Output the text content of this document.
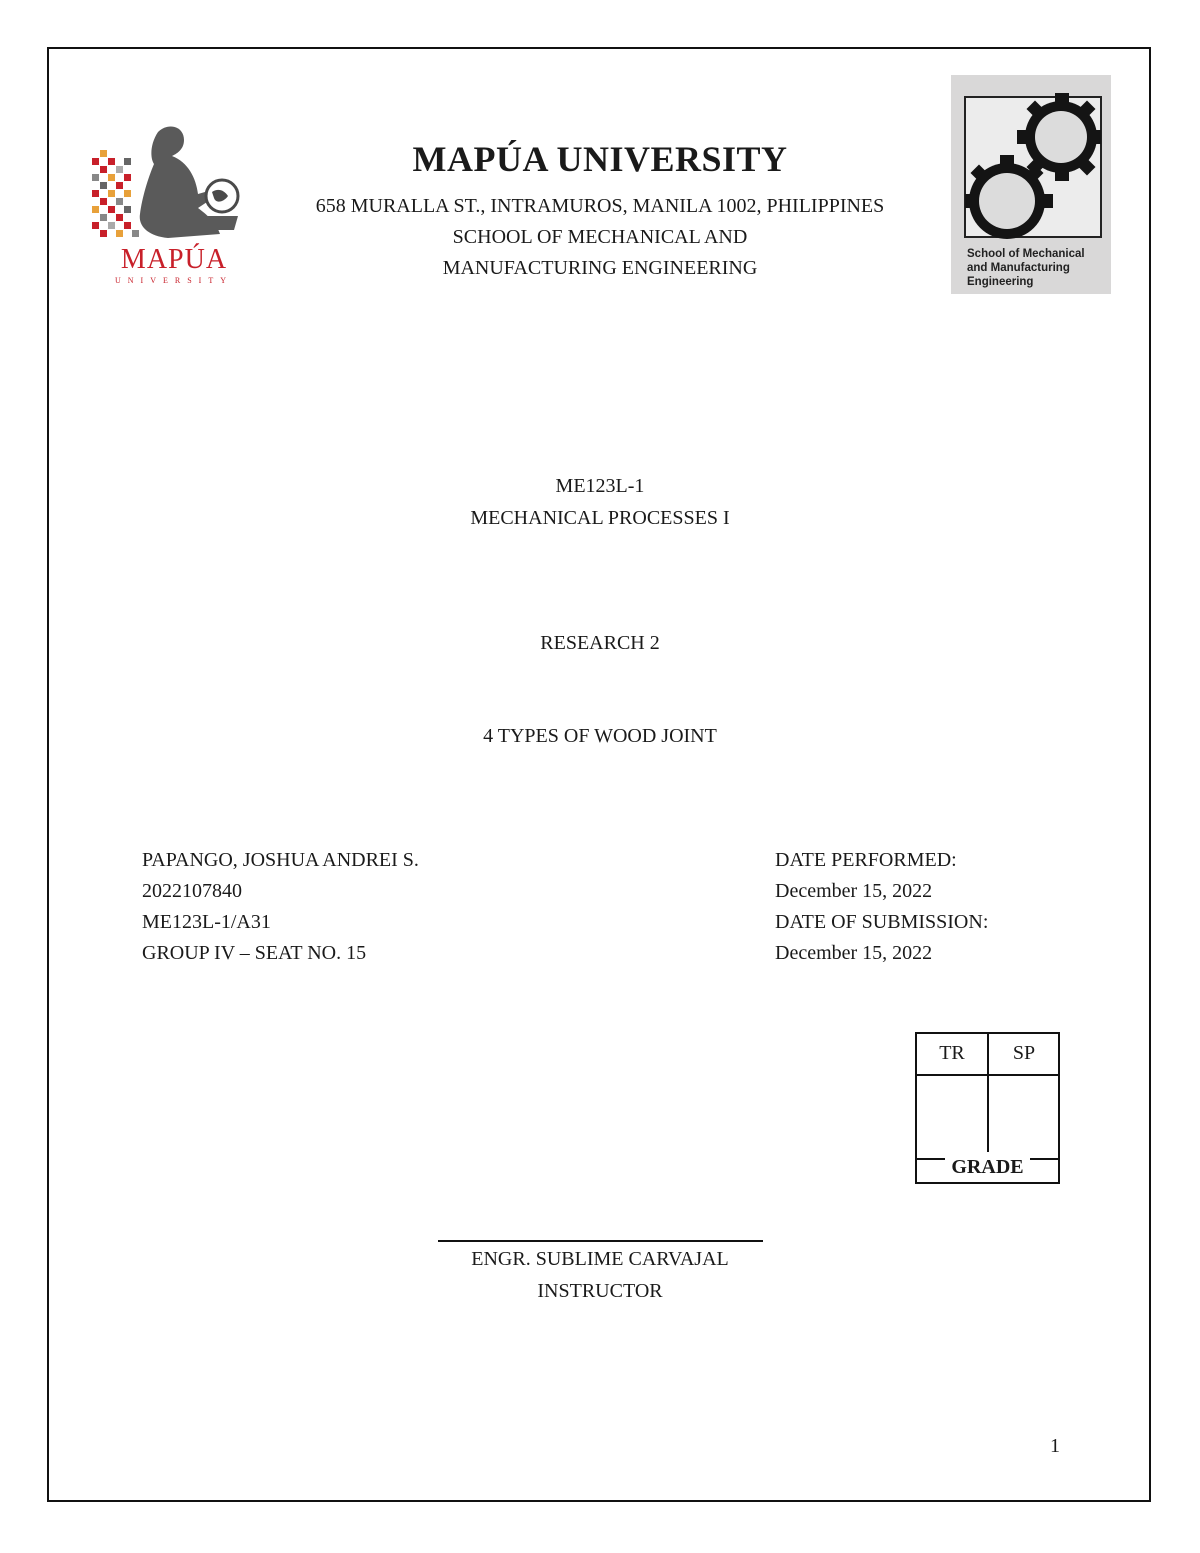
MAPÚA
UNIVERSITY
MAPÚA UNIVERSITY
658 MURALLA ST., INTRAMUROS, MANILA 1002, PHILIPPINES
SCHOOL OF MECHANICAL AND
MANUFACTURING ENGINEERING
School of Mechanical
and Manufacturing
Engineering
ME123L-1
MECHANICAL PROCESSES I
RESEARCH 2
4 TYPES OF WOOD JOINT
PAPANGO, JOSHUA ANDREI S.
2022107840
ME123L-1/A31
GROUP IV – SEAT NO. 15
DATE PERFORMED:
December 15, 2022
DATE OF SUBMISSION:
December 15, 2022
TR	SP
GRADE
ENGR. SUBLIME CARVAJAL
INSTRUCTOR
1
